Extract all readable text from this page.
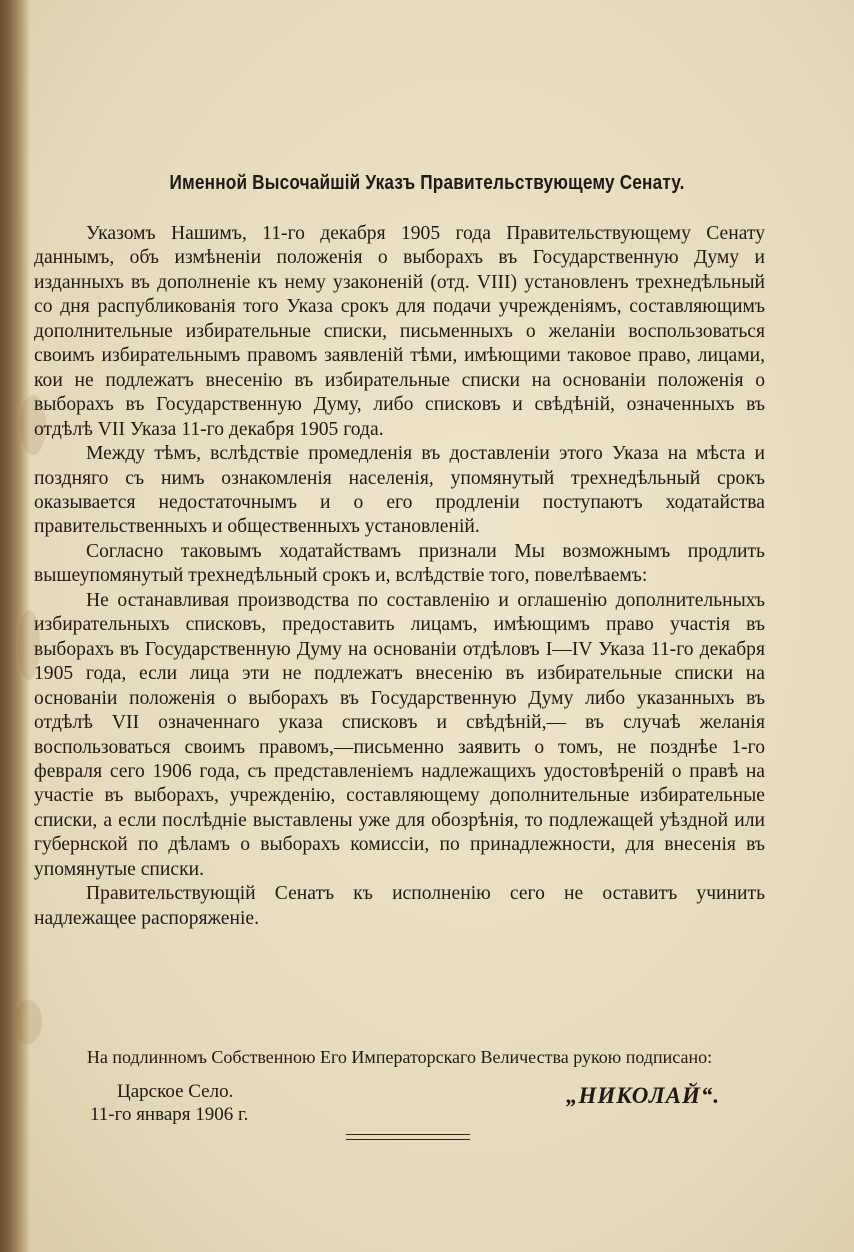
Именной Высочайшій Указъ Правительствующему Сенату.

Указомъ Нашимъ, 11-го декабря 1905 года Правительствующему Сенату даннымъ, объ измѣненіи положенія о выборахъ въ Государственную Думу и изданныхъ въ дополненіе къ нему узаконеній (отд. VIII) установленъ трехнедѣльный со дня распубликованія того Указа срокъ для подачи учрежденіямъ, составляющимъ дополнительные избирательные списки, письменныхъ о желаніи воспользоваться своимъ избирательнымъ правомъ заявленій тѣми, имѣющими таковое право, лицами, кои не подлежатъ внесенію въ избирательные списки на основаніи положенія о выборахъ въ Государственную Думу, либо списковъ и свѣдѣній, означенныхъ въ отдѣлѣ VII Указа 11-го декабря 1905 года.

Между тѣмъ, вслѣдствіе промедленія въ доставленіи этого Указа на мѣста и поздняго съ нимъ ознакомленія населенія, упомянутый трехнедѣльный срокъ оказывается недостаточнымъ и о его продленіи поступаютъ ходатайства правительственныхъ и общественныхъ установленій.

Согласно таковымъ ходатайствамъ признали Мы возможнымъ продлить вышеупомянутый трехнедѣльный срокъ и, вслѣдствіе того, повелѣваемъ:

Не останавливая производства по составленію и оглашенію дополнительныхъ избирательныхъ списковъ, предоставить лицамъ, имѣющимъ право участія въ выборахъ въ Государственную Думу на основаніи отдѣловъ I—IV Указа 11-го декабря 1905 года, если лица эти не подлежатъ внесенію въ избирательные списки на основаніи положенія о выборахъ въ Государственную Думу либо указанныхъ въ отдѣлѣ VII означеннаго указа списковъ и свѣдѣній,— въ случаѣ желанія воспользоваться своимъ правомъ,—письменно заявить о томъ, не позднѣе 1-го февраля сего 1906 года, съ представленіемъ надлежащихъ удостовѣреній о правѣ на участіе въ выборахъ, учрежденію, составляющему дополнительные избирательные списки, а если послѣдніе выставлены уже для обозрѣнія, то подлежащей уѣздной или губернской по дѣламъ о выборахъ комиссіи, по принадлежности, для внесенія въ упомянутые списки.

Правительствующій Сенатъ къ исполненію сего не оставитъ учинить надлежащее распоряженіе.

На подлинномъ Собственною Его Императорскаго Величества рукою подписано:
Царское Село.
11-го января 1906 г.
„НИКОЛАЙ“.
